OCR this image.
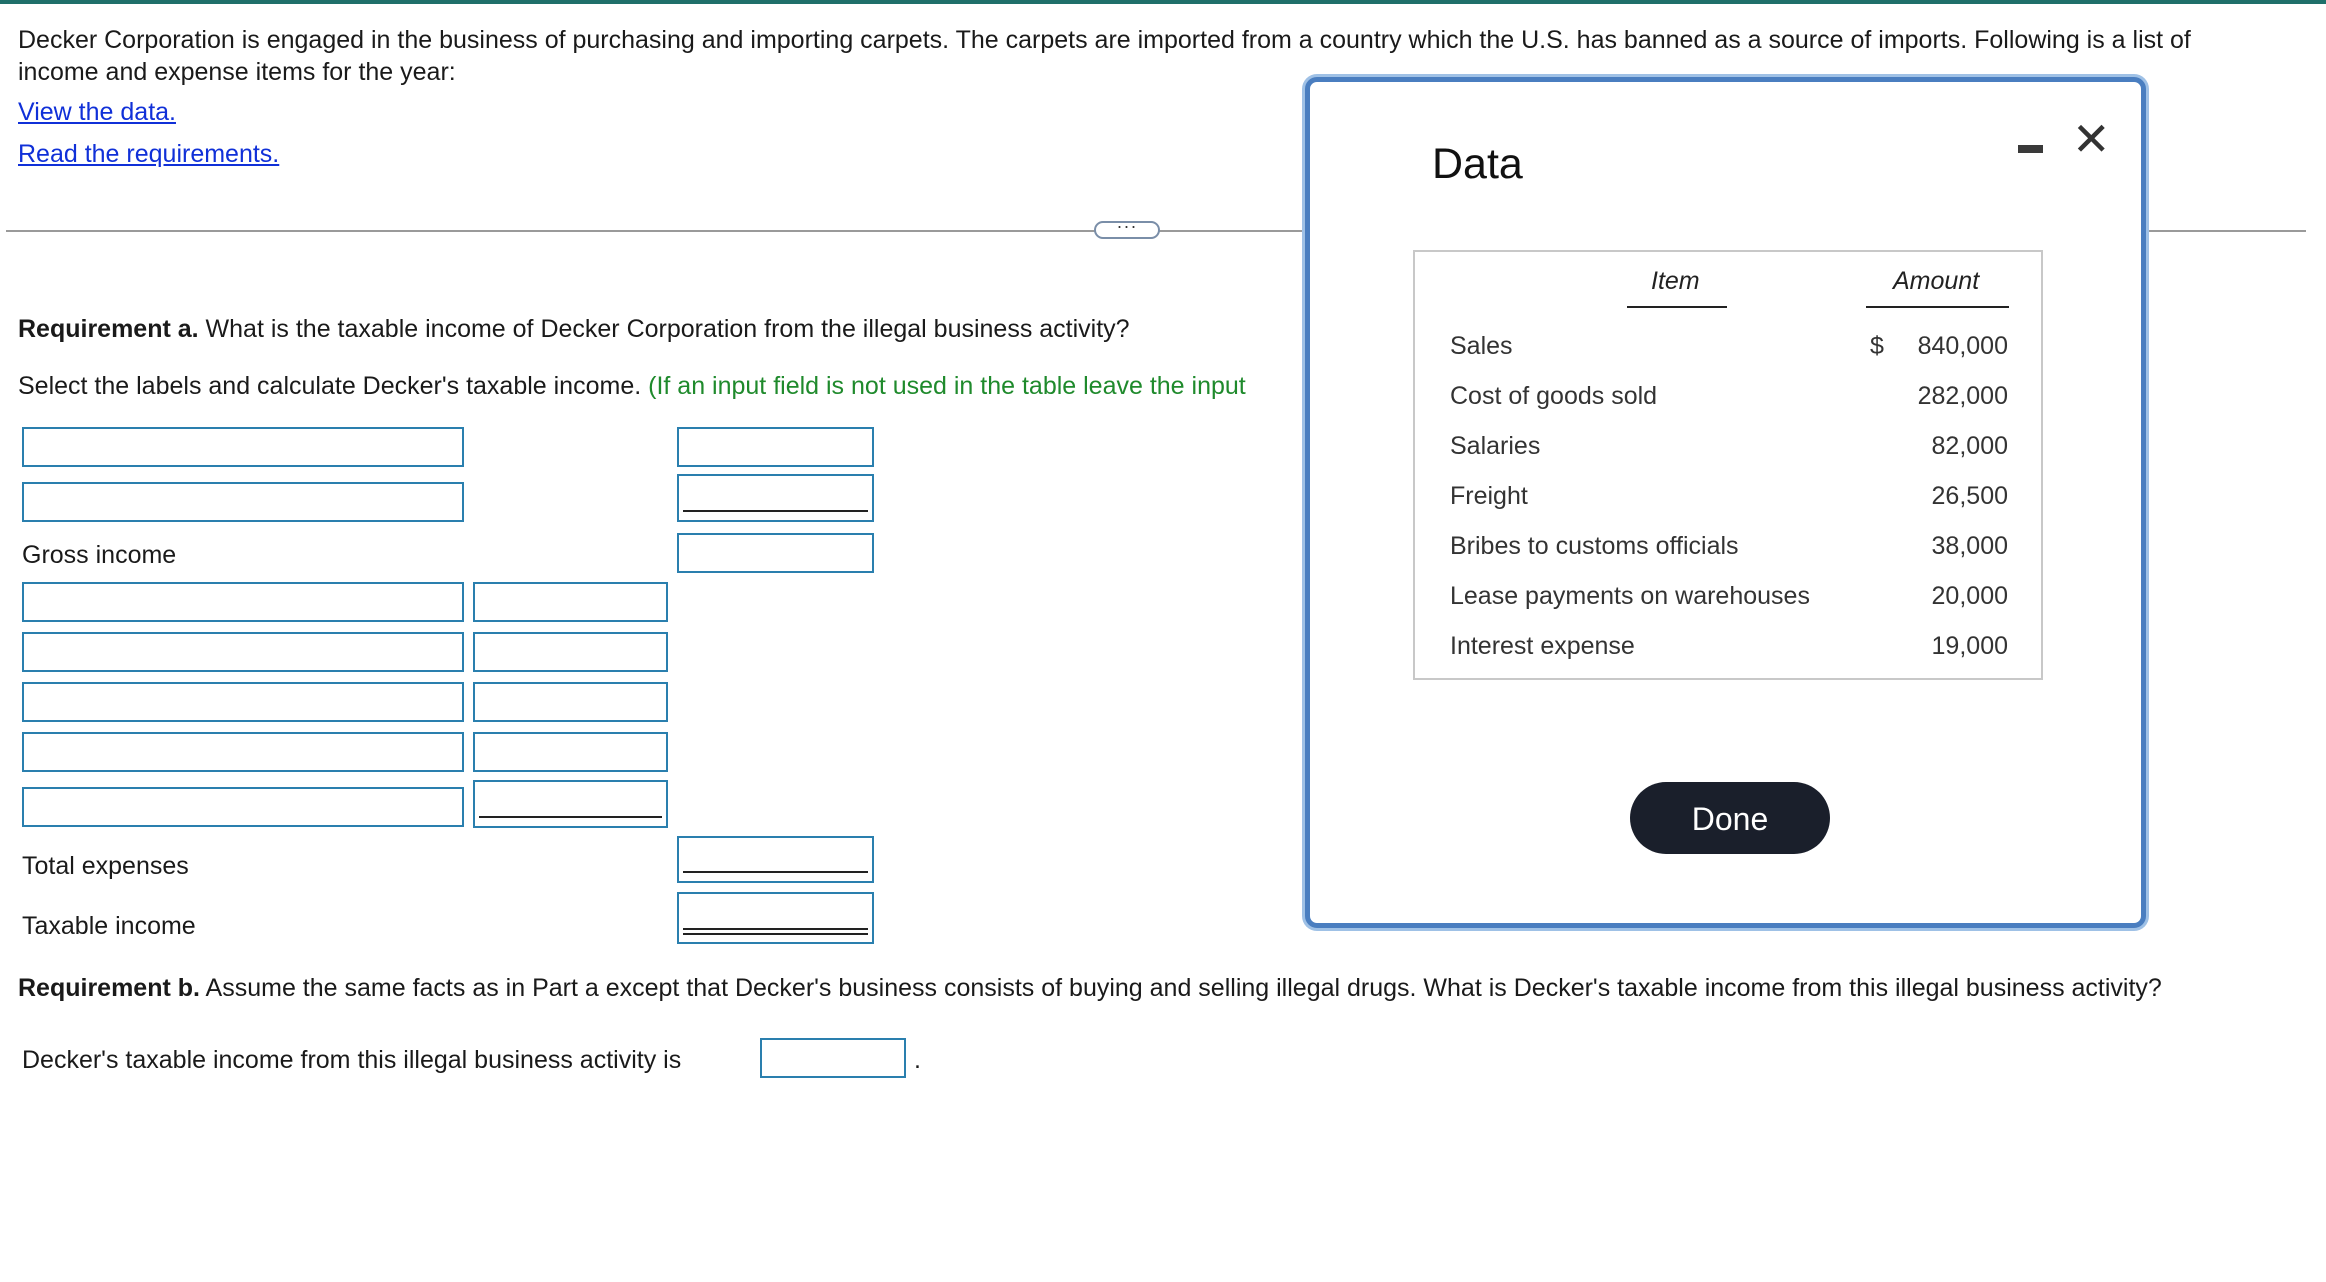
Decker Corporation is engaged in the business of purchasing and importing carpets. The carpets are imported from a country which the U.S. has banned as a source of imports. Following is a list of
income and expense items for the year:
View the data.
Read the requirements.
···
Requirement a. What is the taxable income of Decker Corporation from the illegal business activity?
Select the labels and calculate Decker's taxable income. (If an input field is not used in the table leave the input
Gross income
Total expenses
Taxable income
Requirement b. Assume the same facts as in Part a except that Decker's business consists of buying and selling illegal drugs. What is Decker's taxable income from this illegal business activity?
Decker's taxable income from this illegal business activity is	.
Data	✕
Item	Amount
Sales	$ 840,000
Cost of goods sold	282,000
Salaries	82,000
Freight	26,500
Bribes to customs officials	38,000
Lease payments on warehouses	20,000
Interest expense	19,000
Done
